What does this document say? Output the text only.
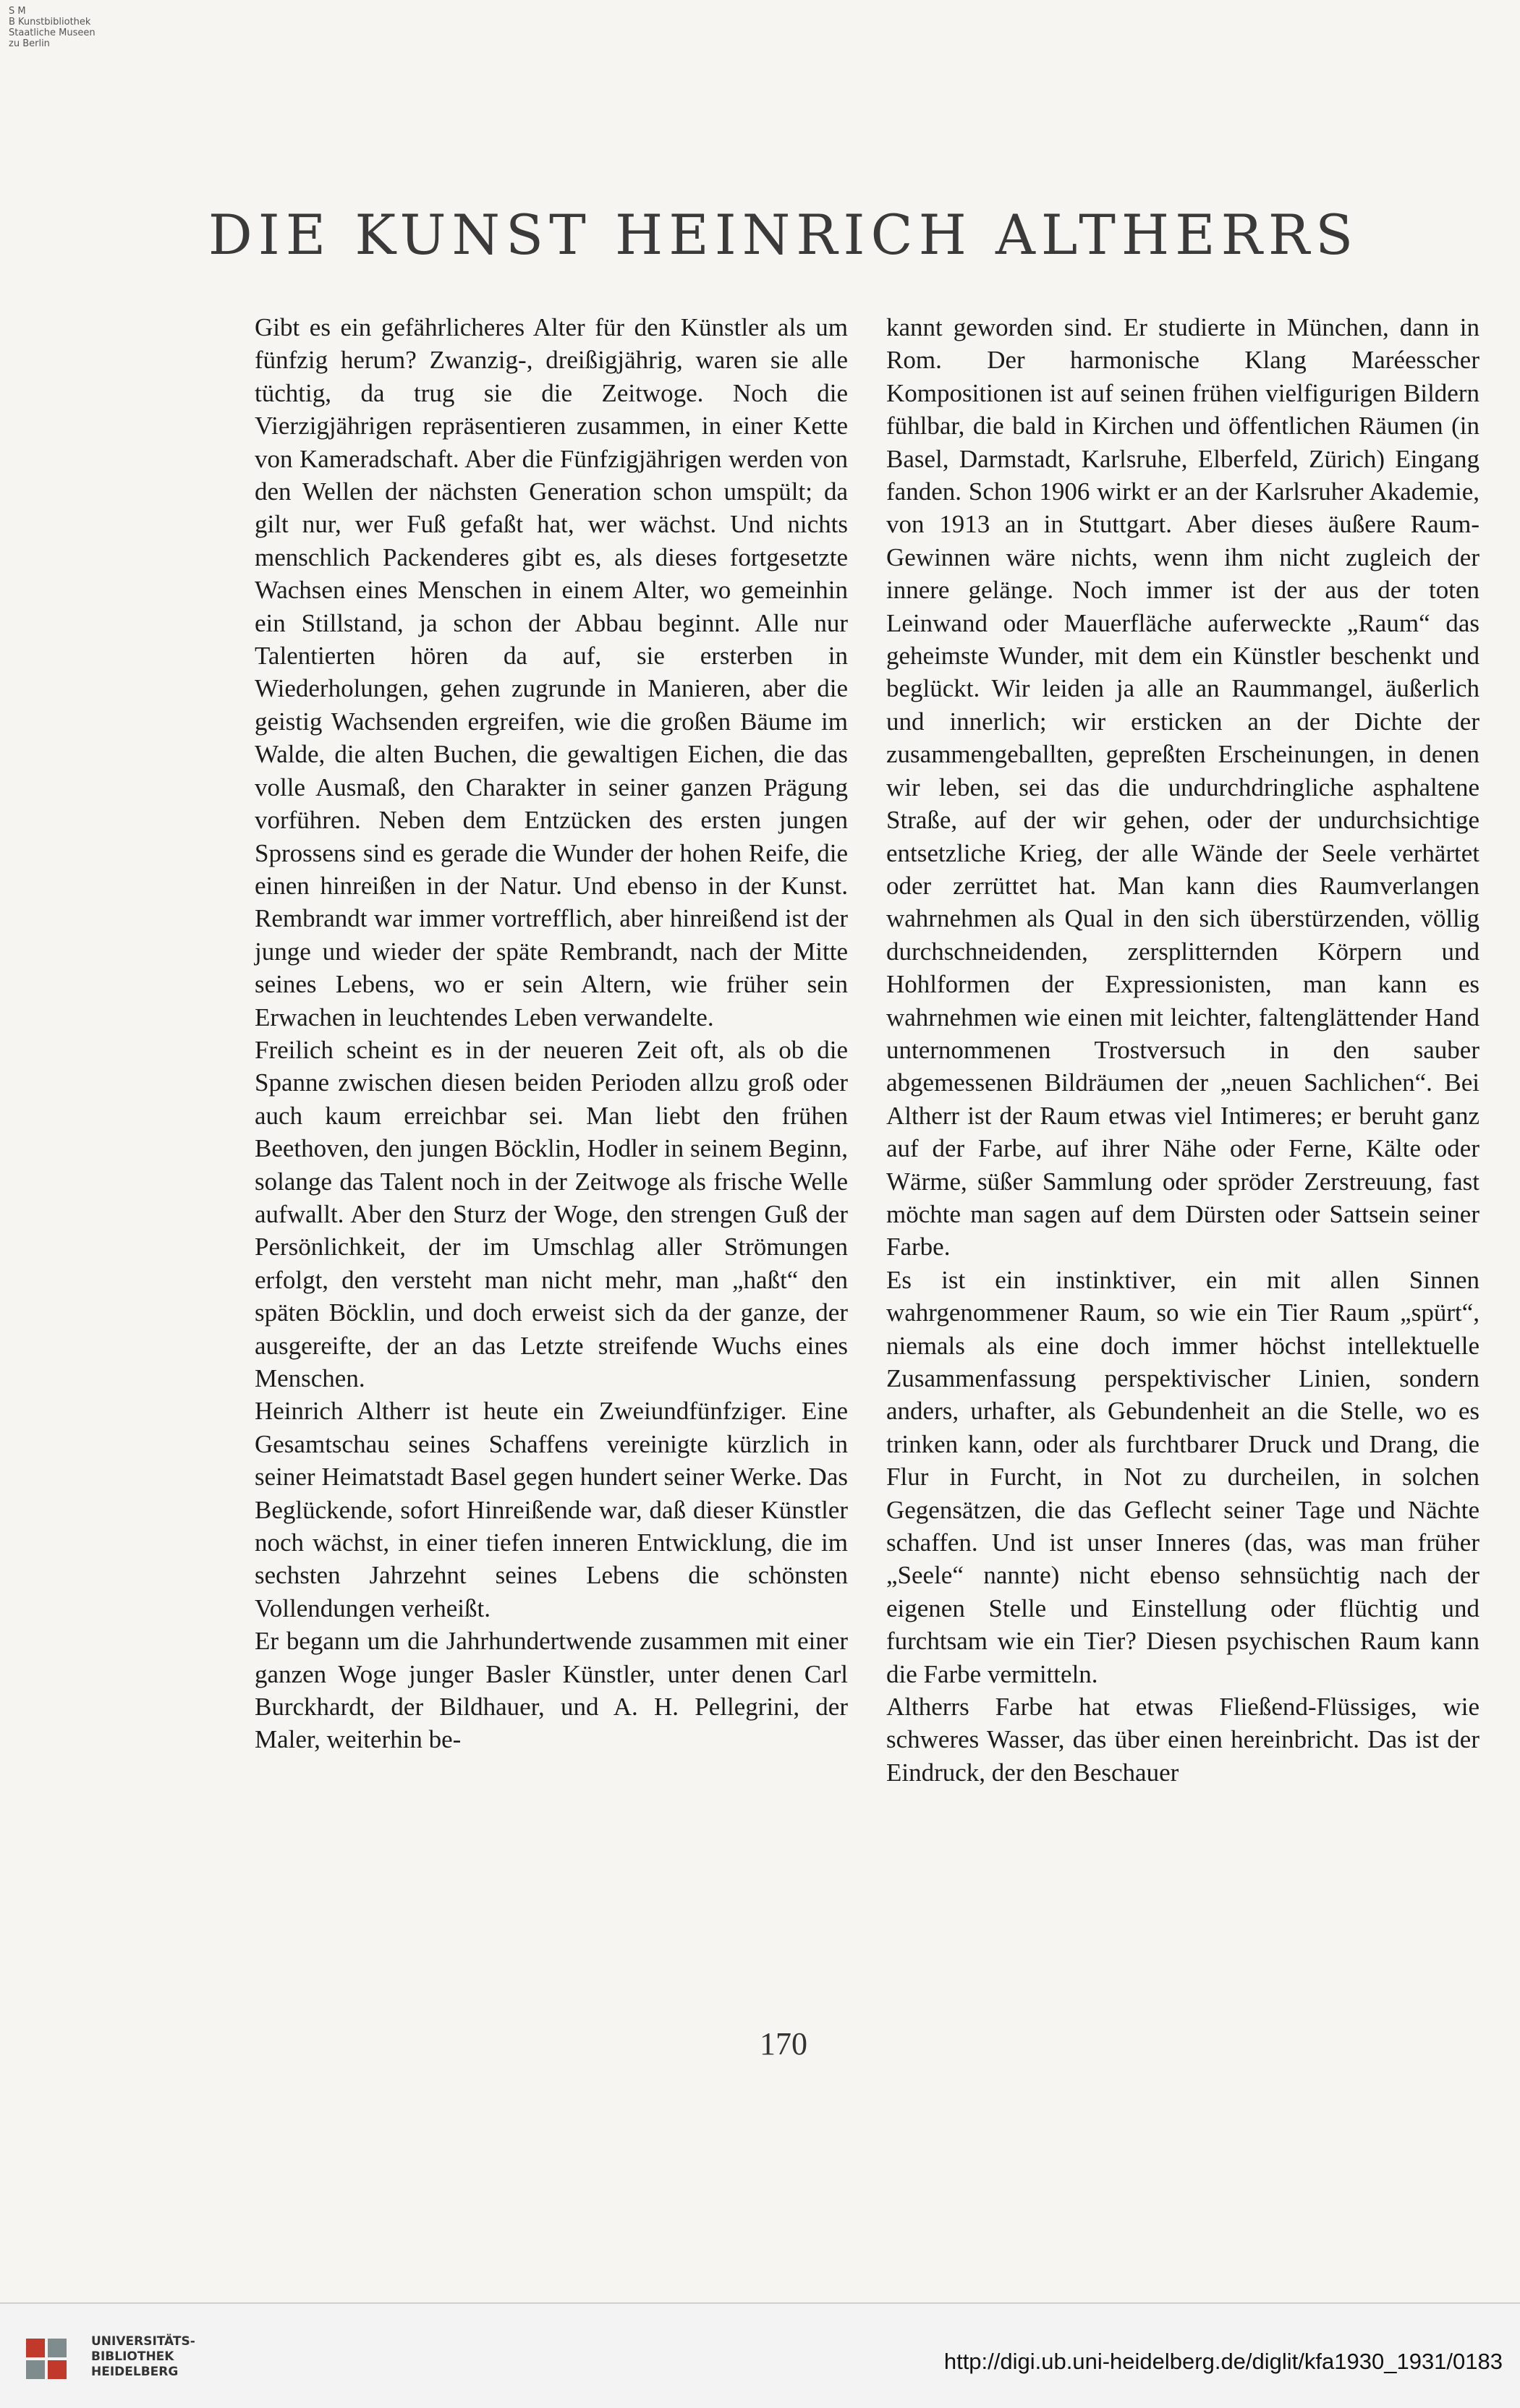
S M
B Kunstbibliothek
Staatliche Museen
zu Berlin
DIE KUNST HEINRICH ALTHERRS

Gibt es ein gefährlicheres Alter für den Künstler als um fünfzig herum? Zwanzig-, dreißigjährig, waren sie alle tüchtig, da trug sie die Zeitwoge. Noch die Vierzigjährigen repräsentieren zusammen, in einer Kette von Kameradschaft. Aber die Fünfzigjährigen werden von den Wellen der nächsten Generation schon umspült; da gilt nur, wer Fuß gefaßt hat, wer wächst. Und nichts menschlich Packenderes gibt es, als dieses fortgesetzte Wachsen eines Menschen in einem Alter, wo gemeinhin ein Stillstand, ja schon der Abbau beginnt. Alle nur Talentierten hören da auf, sie ersterben in Wiederholungen, gehen zugrunde in Manieren, aber die geistig Wachsenden ergreifen, wie die großen Bäume im Walde, die alten Buchen, die gewaltigen Eichen, die das volle Ausmaß, den Charakter in seiner ganzen Prägung vorführen. Neben dem Entzücken des ersten jungen Sprossens sind es gerade die Wunder der hohen Reife, die einen hinreißen in der Natur. Und ebenso in der Kunst. Rembrandt war immer vortrefflich, aber hinreißend ist der junge und wieder der späte Rembrandt, nach der Mitte seines Lebens, wo er sein Altern, wie früher sein Erwachen in leuchtendes Leben verwandelte.

Freilich scheint es in der neueren Zeit oft, als ob die Spanne zwischen diesen beiden Perioden allzu groß oder auch kaum erreichbar sei. Man liebt den frühen Beethoven, den jungen Böcklin, Hodler in seinem Beginn, solange das Talent noch in der Zeitwoge als frische Welle aufwallt. Aber den Sturz der Woge, den strengen Guß der Persönlichkeit, der im Umschlag aller Strömungen erfolgt, den versteht man nicht mehr, man „haßt“ den späten Böcklin, und doch erweist sich da der ganze, der ausgereifte, der an das Letzte streifende Wuchs eines Menschen.

Heinrich Altherr ist heute ein Zweiundfünfziger. Eine Gesamtschau seines Schaffens vereinigte kürzlich in seiner Heimatstadt Basel gegen hundert seiner Werke. Das Beglückende, sofort Hinreißende war, daß dieser Künstler noch wächst, in einer tiefen inneren Entwicklung, die im sechsten Jahrzehnt seines Lebens die schönsten Vollendungen verheißt.

Er begann um die Jahrhundertwende zusammen mit einer ganzen Woge junger Basler Künstler, unter denen Carl Burckhardt, der Bildhauer, und A. H. Pellegrini, der Maler, weiterhin be-

kannt geworden sind. Er studierte in München, dann in Rom. Der harmonische Klang Maréesscher Kompositionen ist auf seinen frühen vielfigurigen Bildern fühlbar, die bald in Kirchen und öffentlichen Räumen (in Basel, Darmstadt, Karlsruhe, Elberfeld, Zürich) Eingang fanden. Schon 1906 wirkt er an der Karlsruher Akademie, von 1913 an in Stuttgart. Aber dieses äußere Raum-Gewinnen wäre nichts, wenn ihm nicht zugleich der innere gelänge. Noch immer ist der aus der toten Leinwand oder Mauerfläche auferweckte „Raum“ das geheimste Wunder, mit dem ein Künstler beschenkt und beglückt. Wir leiden ja alle an Raummangel, äußerlich und innerlich; wir ersticken an der Dichte der zusammengeballten, gepreßten Erscheinungen, in denen wir leben, sei das die undurchdringliche asphaltene Straße, auf der wir gehen, oder der undurchsichtige entsetzliche Krieg, der alle Wände der Seele verhärtet oder zerrüttet hat. Man kann dies Raumverlangen wahrnehmen als Qual in den sich überstürzenden, völlig durchschneidenden, zersplitternden Körpern und Hohlformen der Expressionisten, man kann es wahrnehmen wie einen mit leichter, faltenglättender Hand unternommenen Trostversuch in den sauber abgemessenen Bildräumen der „neuen Sachlichen“. Bei Altherr ist der Raum etwas viel Intimeres; er beruht ganz auf der Farbe, auf ihrer Nähe oder Ferne, Kälte oder Wärme, süßer Sammlung oder spröder Zerstreuung, fast möchte man sagen auf dem Dürsten oder Sattsein seiner Farbe.

Es ist ein instinktiver, ein mit allen Sinnen wahrgenommener Raum, so wie ein Tier Raum „spürt“, niemals als eine doch immer höchst intellektuelle Zusammenfassung perspektivischer Linien, sondern anders, urhafter, als Gebundenheit an die Stelle, wo es trinken kann, oder als furchtbarer Druck und Drang, die Flur in Furcht, in Not zu durcheilen, in solchen Gegensätzen, die das Geflecht seiner Tage und Nächte schaffen. Und ist unser Inneres (das, was man früher „Seele“ nannte) nicht ebenso sehnsüchtig nach der eigenen Stelle und Einstellung oder flüchtig und furchtsam wie ein Tier? Diesen psychischen Raum kann die Farbe vermitteln.

Altherrs Farbe hat etwas Fließend-Flüssiges, wie schweres Wasser, das über einen hereinbricht. Das ist der Eindruck, der den Beschauer

170
UNIVERSITÄTS-
BIBLIOTHEK
HEIDELBERG	http://digi.ub.uni-heidelberg.de/diglit/kfa1930_1931/0183
